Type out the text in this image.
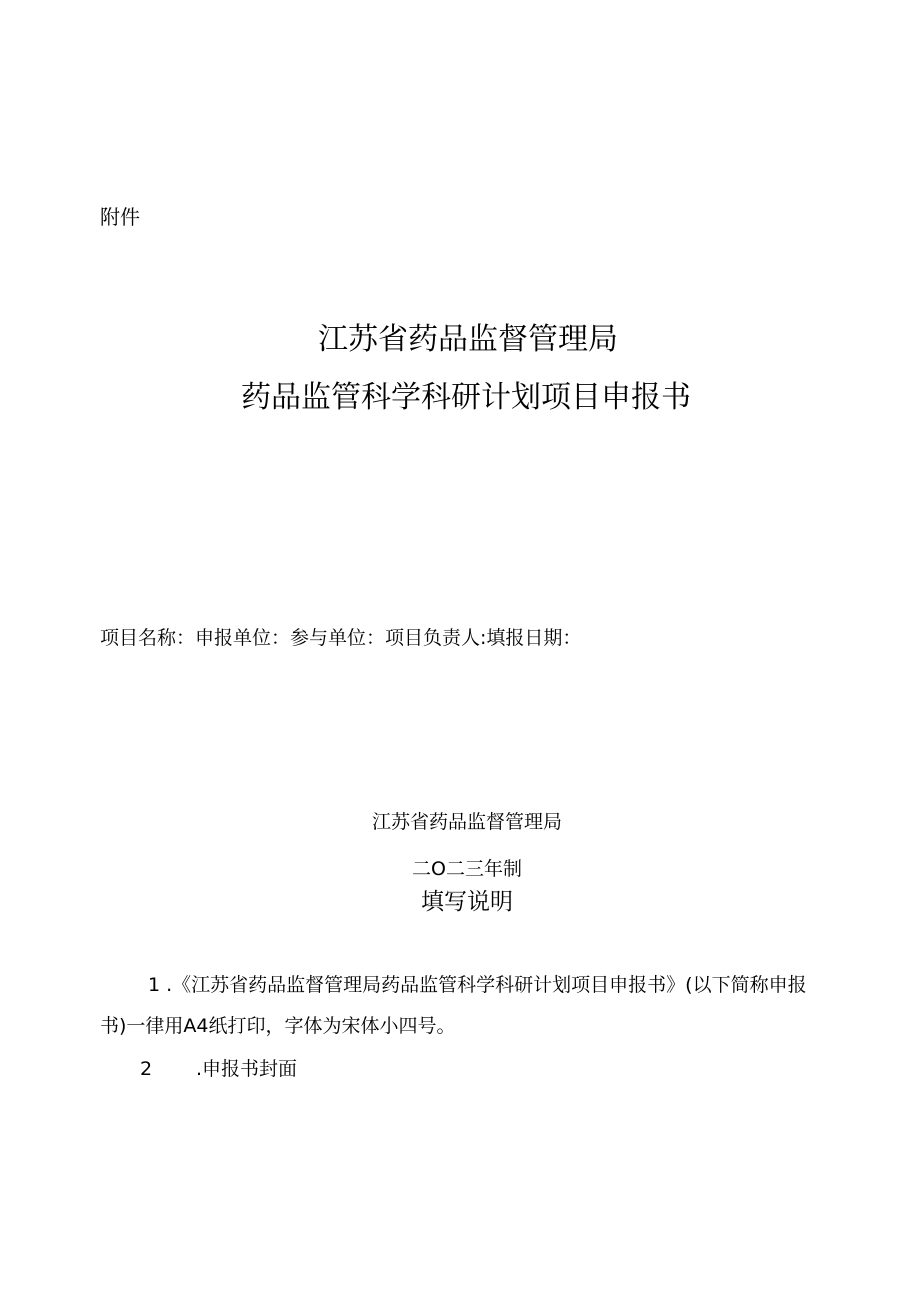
附件
江苏省药品监督管理局
药品监管科学科研计划项目申报书
项目名称：申报单位：参与单位：项目负责人:填报日期：
江苏省药品监督管理局
二O二三年制
填写说明
1 .《江苏省药品监督管理局药品监管科学科研计划项目申报书》(以下简称申报
书)一律用A4纸打印，字体为宋体小四号。
2 .申报书封面
